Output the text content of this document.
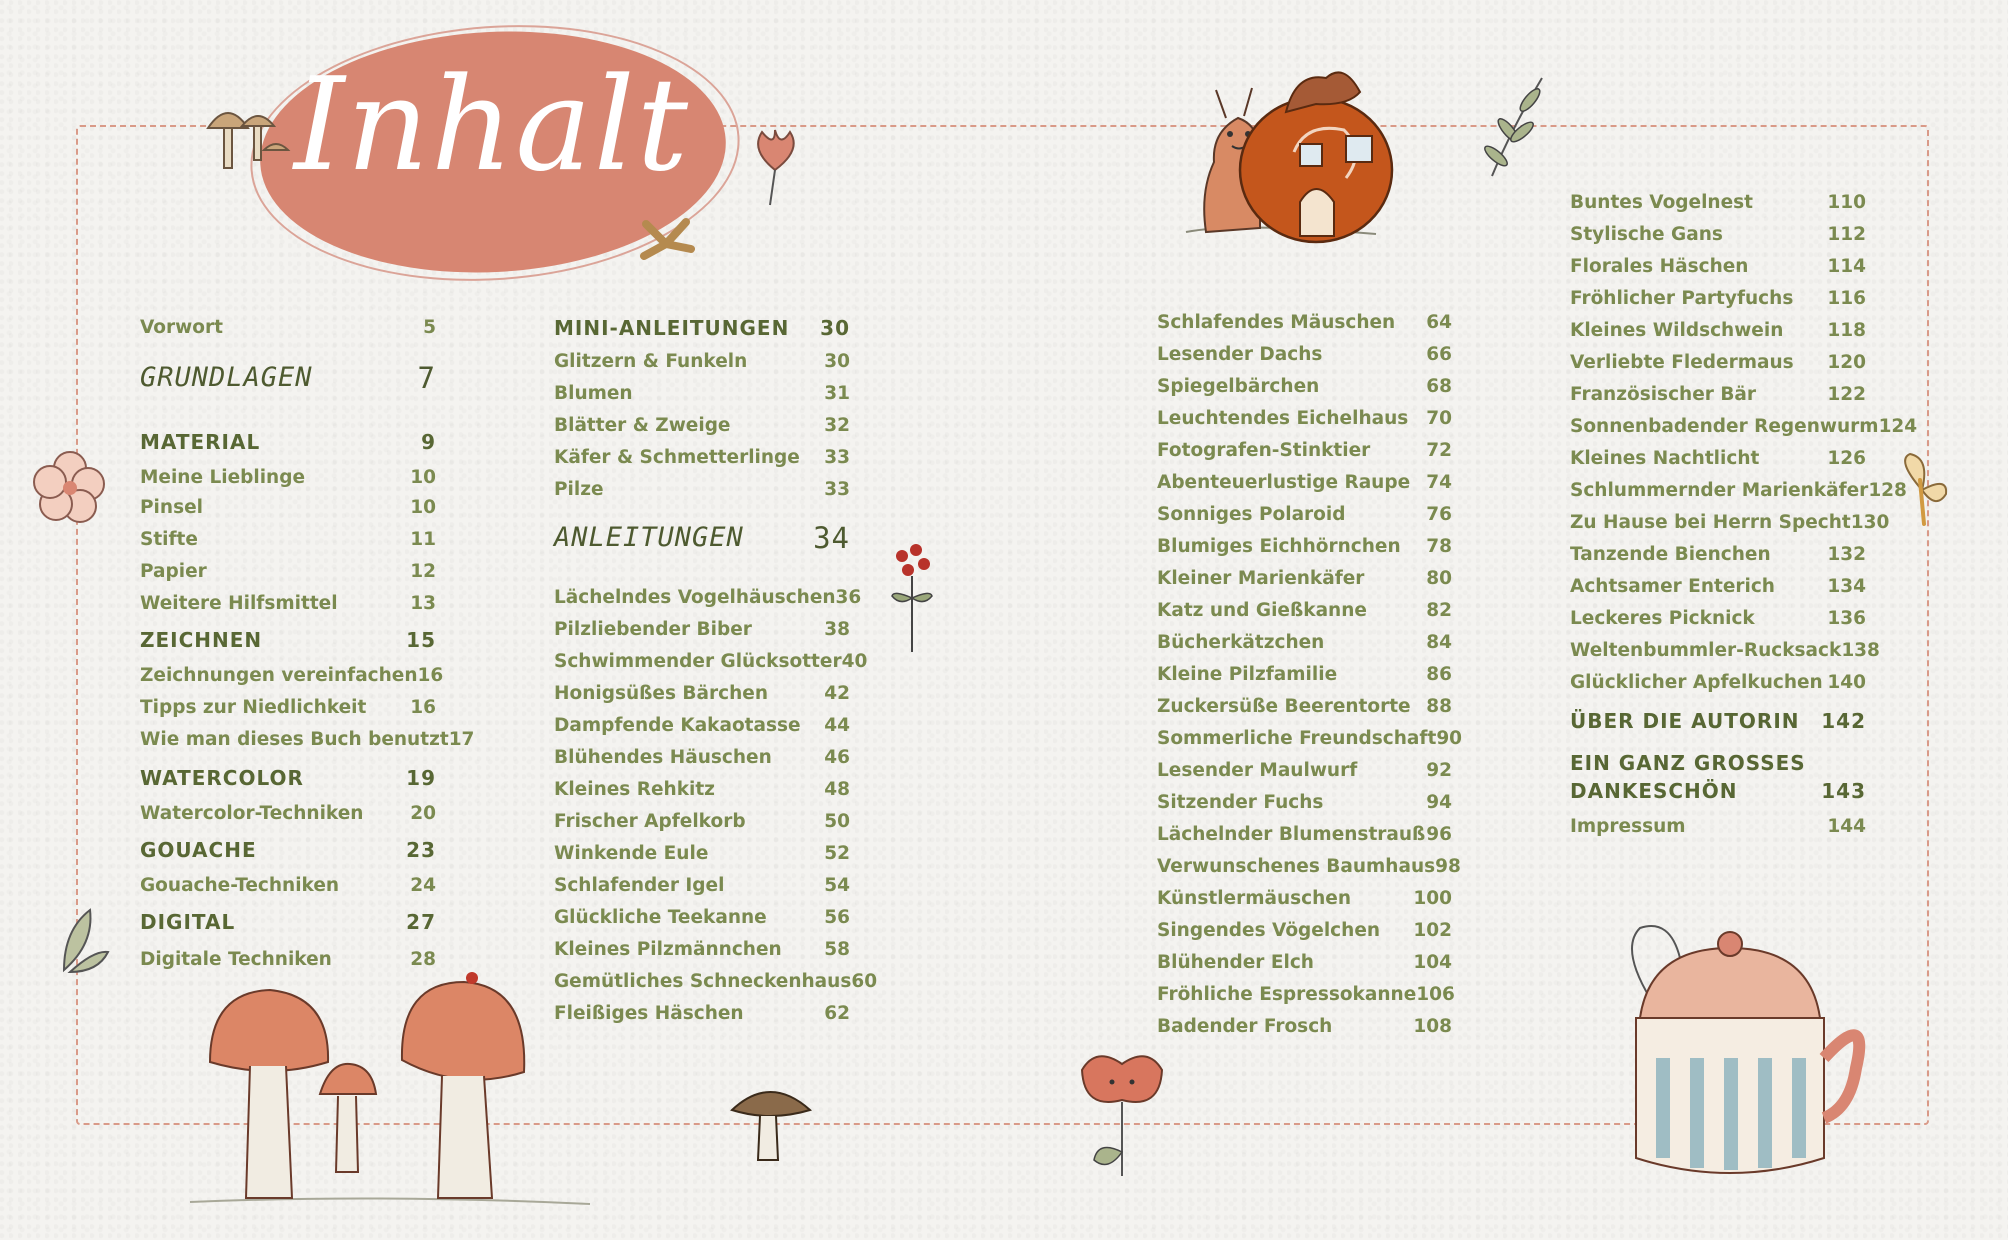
Inhalt
Vorwort	5
GRUNDLAGEN	7
MATERIAL	9
Meine Lieblinge	10
Pinsel	10
Stifte	11
Papier	12
Weitere Hilfsmittel	13
ZEICHNEN	15
Zeichnungen vereinfachen 16
Tipps zur Niedlichkeit 16
Wie man dieses Buch benutzt 17
WATERCOLOR	19
Watercolor-Techniken	20
GOUACHE	23
Gouache-Techniken	24
DIGITAL	27
Digitale Techniken	28
MINI-ANLEITUNGEN 30
Glitzern & Funkeln	30
Blumen	31
Blätter & Zweige	32
Käfer & Schmetterlinge 33
Pilze	33
ANLEITUNGEN 34
Lächelndes Vogelhäuschen 36
Pilzliebender Biber	38
Schwimmender Glücksotter 40
Honigsüßes Bärchen	42
Dampfende Kakaotasse 44
Blühendes Häuschen	46
Kleines Rehkitz	48
Frischer Apfelkorb	50
Winkende Eule	52
Schlafender Igel	54
Glückliche Teekanne	56
Kleines Pilzmännchen 58
Gemütliches Schneckenhaus 60
Fleißiges Häschen	62
Schlafendes Mäuschen 64
Lesender Dachs	66
Spiegelbärchen	68
Leuchtendes Eichelhaus 70
Fotografen-Stinktier	72
Abenteuerlustige Raupe 74
Sonniges Polaroid	76
Blumiges Eichhörnchen 78
Kleiner Marienkäfer	80
Katz und Gießkanne	82
Bücherkätzchen	84
Kleine Pilzfamilie	86
Zuckersüße Beerentorte 88
Sommerliche Freundschaft 90
Lesender Maulwurf	92
Sitzender Fuchs	94
Lächelnder Blumenstrauß 96
Verwunschenes Baumhaus 98
Künstlermäuschen	100
Singendes Vögelchen 102
Blühender Elch	104
Fröhliche Espressokanne 106
Badender Frosch	108
Buntes Vogelnest	110
Stylische Gans	112
Florales Häschen	114
Fröhlicher Partyfuchs 116
Kleines Wildschwein 118
Verliebte Fledermaus 120
Französischer Bär	122
Sonnenbadender Regenwurm 124
Kleines Nachtlicht	126
Schlummernder Marienkäfer 128
Zu Hause bei Herrn Specht 130
Tanzende Bienchen	132
Achtsamer Enterich	134
Leckeres Picknick	136
Weltenbummler-Rucksack 138
Glücklicher Apfelkuchen 140
ÜBER DIE AUTORIN 142
EIN GANZ GROSSES
DANKESCHÖN	143
Impressum	144
